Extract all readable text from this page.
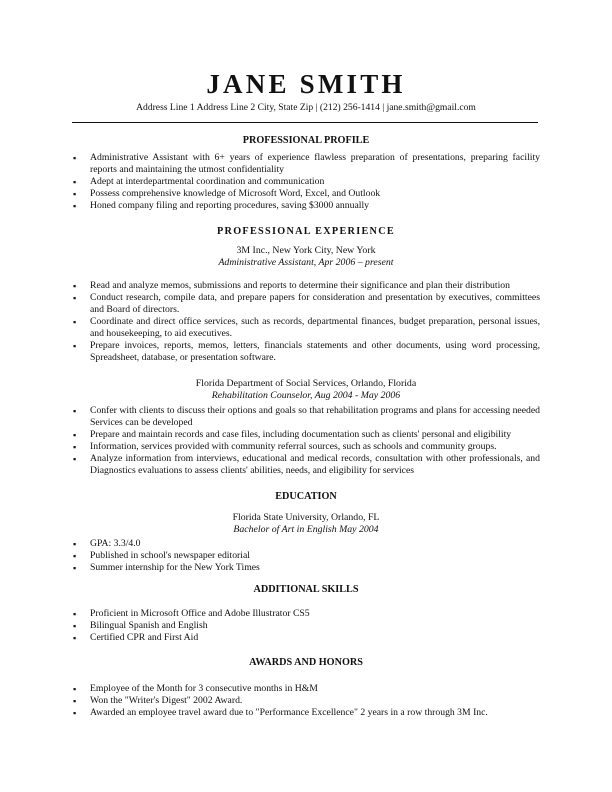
JANE SMITH
Address Line 1 Address Line 2 City, State Zip | (212) 256-1414 | jane.smith@gmail.com
PROFESSIONAL PROFILE
▪ Administrative Assistant with 6+ years of experience flawless preparation of presentations, preparing facility reports and maintaining the utmost confidentiality
▪ Adept at interdepartmental coordination and communication
▪ Possess comprehensive knowledge of Microsoft Word, Excel, and Outlook
▪ Honed company filing and reporting procedures, saving $3000 annually
PROFESSIONAL EXPERIENCE
3M Inc., New York City, New York
Administrative Assistant, Apr 2006 – present
▪ Read and analyze memos, submissions and reports to determine their significance and plan their distribution
▪ Conduct research, compile data, and prepare papers for consideration and presentation by executives, committees and Board of directors.
▪ Coordinate and direct office services, such as records, departmental finances, budget preparation, personal issues, and housekeeping, to aid executives.
▪ Prepare invoices, reports, memos, letters, financials statements and other documents, using word processing, Spreadsheet, database, or presentation software.
Florida Department of Social Services, Orlando, Florida
Rehabilitation Counselor, Aug 2004 - May 2006
▪ Confer with clients to discuss their options and goals so that rehabilitation programs and plans for accessing needed Services can be developed
▪ Prepare and maintain records and case files, including documentation such as clients' personal and eligibility
▪ Information, services provided with community referral sources, such as schools and community groups.
▪ Analyze information from interviews, educational and medical records, consultation with other professionals, and Diagnostics evaluations to assess clients' abilities, needs, and eligibility for services
EDUCATION
Florida State University, Orlando, FL
Bachelor of Art in English May 2004
▪ GPA: 3.3/4.0
▪ Published in school's newspaper editorial
▪ Summer internship for the New York Times
ADDITIONAL SKILLS
▪ Proficient in Microsoft Office and Adobe Illustrator CS5
▪ Bilingual Spanish and English
▪ Certified CPR and First Aid
AWARDS AND HONORS
▪ Employee of the Month for 3 consecutive months in H&M
▪ Won the "Writer's Digest" 2002 Award.
▪ Awarded an employee travel award due to "Performance Excellence" 2 years in a row through 3M Inc.
